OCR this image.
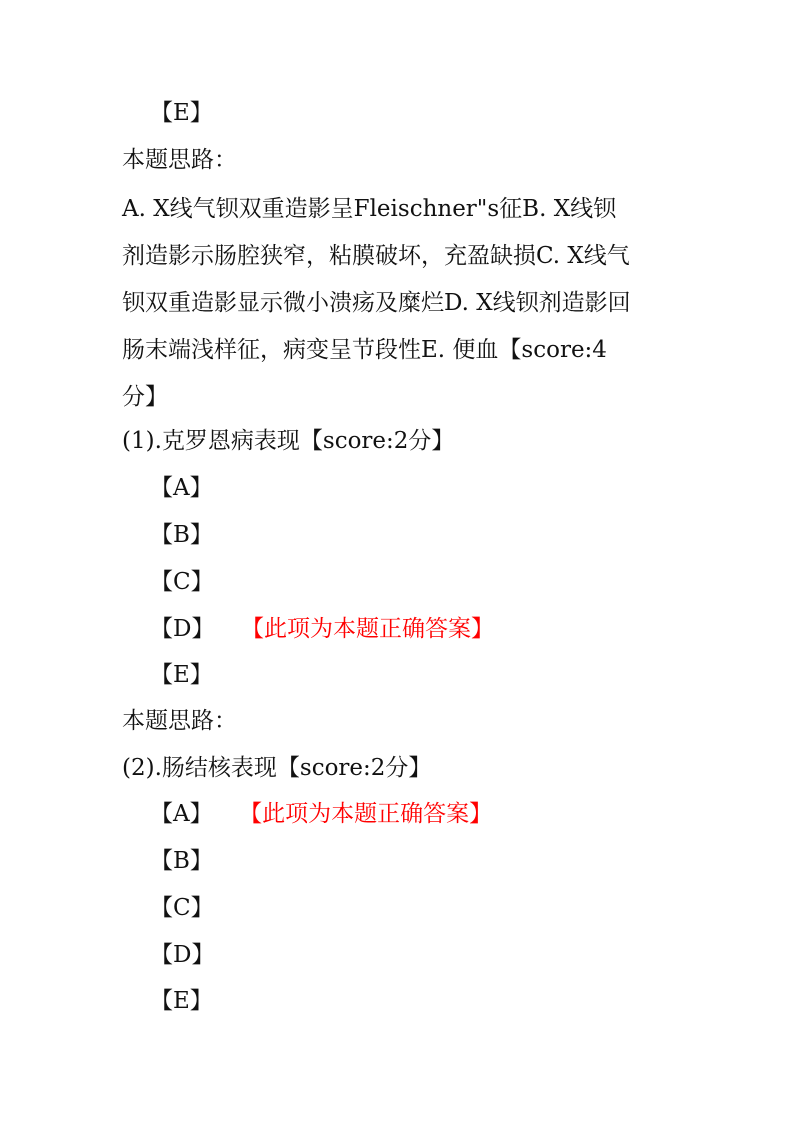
【E】
本题思路：
A. X线气钡双重造影呈Fleischner"s征B. X线钡
剂造影示肠腔狭窄，粘膜破坏，充盈缺损C. X线气
钡双重造影显示微小溃疡及糜烂D. X线钡剂造影回
肠末端浅样征，病变呈节段性E. 便血【score:4
分】
(1).克罗恩病表现【score:2分】
【A】
【B】
【C】
【D】 【此项为本题正确答案】
【E】
本题思路：
(2).肠结核表现【score:2分】
【A】 【此项为本题正确答案】
【B】
【C】
【D】
【E】
